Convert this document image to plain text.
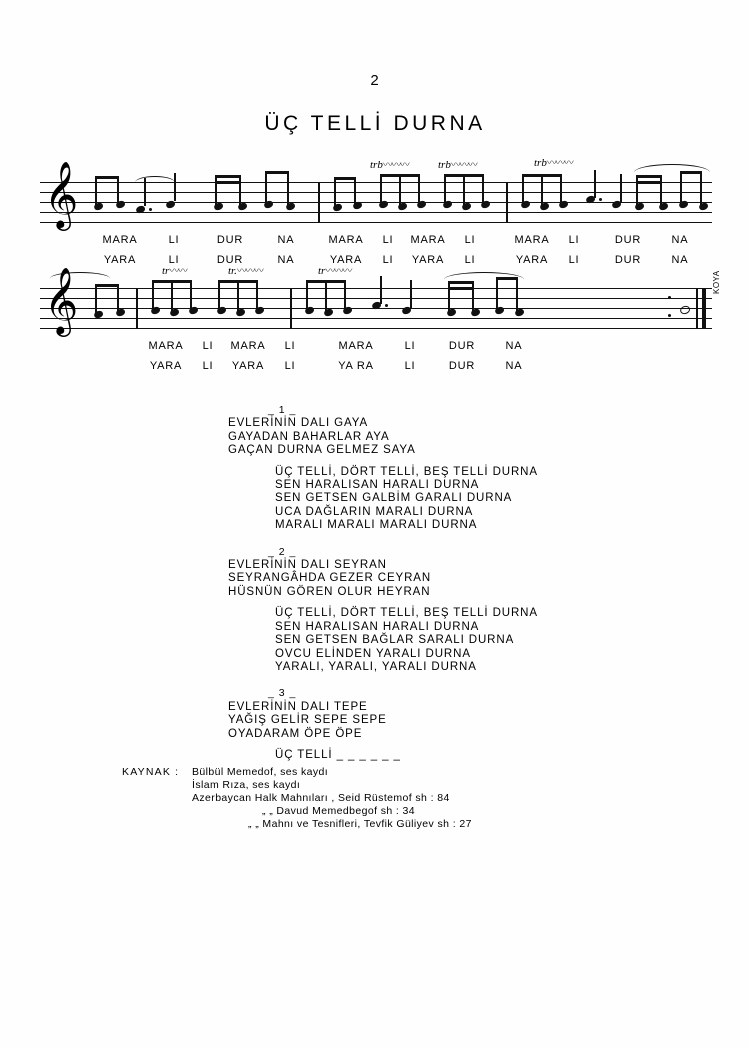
2
ÜÇ TELLİ DURNA
𝄞	trb〰〰〰	trb〰〰〰	trb〰〰〰
MARA	LI	DUR	NA	MARA LI MARA LI	MARA LI	DUR	NA
YARA	LI	DUR	NA	YARA LI YARA LI	YARA LI	DUR	NA
𝄞	tr〰〰	tr.〰〰〰	tr〰〰〰	KOYA
MARA LI MARA LI	MARA	LI	DUR	NA
YARA LI YARA LI	YA RA	LI	DUR	NA
_ 1 _
EVLERİNİN DALI GAYA
GAYADAN BAHARLAR AYA
GAÇAN DURNA GELMEZ SAYA
ÜÇ TELLİ, DÖRT TELLİ, BEŞ TELLİ DURNA
SEN HARALISAN HARALI DURNA
SEN GETSEN GALBİM GARALI DURNA
UCA DAĞLARIN MARALI DURNA
MARALI MARALI MARALI DURNA
_ 2 _
EVLERİNİN DALI SEYRAN
SEYRANGÂHDA GEZER CEYRAN
HÜSNÜN GÖREN OLUR HEYRAN
ÜÇ TELLİ, DÖRT TELLİ, BEŞ TELLİ DURNA
SEN HARALISAN HARALI DURNA
SEN GETSEN BAĞLAR SARALI DURNA
OVCU ELİNDEN YARALI DURNA
YARALI, YARALI, YARALI DURNA
_ 3 _
EVLERİNİN DALI TEPE
YAĞIŞ GELİR SEPE SEPE
OYADARAM ÖPE ÖPE
ÜÇ TELLİ _ _ _ _ _ _
KAYNAK : Bülbül Memedof, ses kaydı
İslam Rıza, ses kaydı
Azerbaycan Halk Mahnıları , Seid Rüstemof sh : 84
„ „ Davud Memedbegof sh : 34
„ „ Mahnı ve Tesnifleri, Tevfik Güliyev sh : 27
